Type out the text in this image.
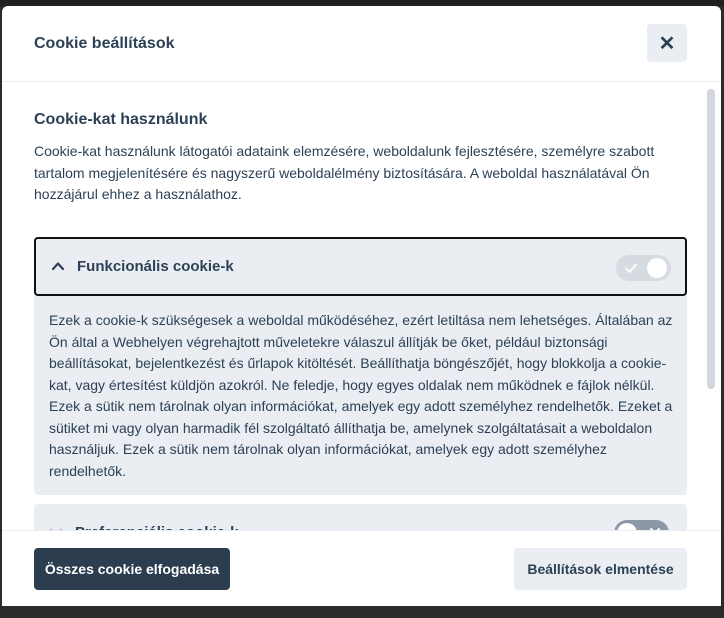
Cookie beállítások	✕
Cookie-kat használunk
Cookie-kat használunk látogatói adataink elemzésére, weboldalunk fejlesztésére, személyre szabott tartalom megjelenítésére és nagyszerű weboldalélmény biztosítására. A weboldal használatával Ön hozzájárul ehhez a használathoz.
Funkcionális cookie-k
Ezek a cookie-k szükségesek a weboldal működéséhez, ezért letiltása nem lehetséges. Általában az Ön által a Webhelyen végrehajtott műveletekre válaszul állítják be őket, például biztonsági beállításokat, bejelentkezést és űrlapok kitöltését. Beállíthatja böngészőjét, hogy blokkolja a cookie-kat, vagy értesítést küldjön azokról. Ne feledje, hogy egyes oldalak nem működnek e fájlok nélkül. Ezek a sütik nem tárolnak olyan információkat, amelyek egy adott személyhez rendelhetők. Ezeket a sütiket mi vagy olyan harmadik fél szolgáltató állíthatja be, amelynek szolgáltatásait a weboldalon használjuk. Ezek a sütik nem tárolnak olyan információkat, amelyek egy adott személyhez rendelhetők.
Összes cookie elfogadása	Beállítások elmentése
